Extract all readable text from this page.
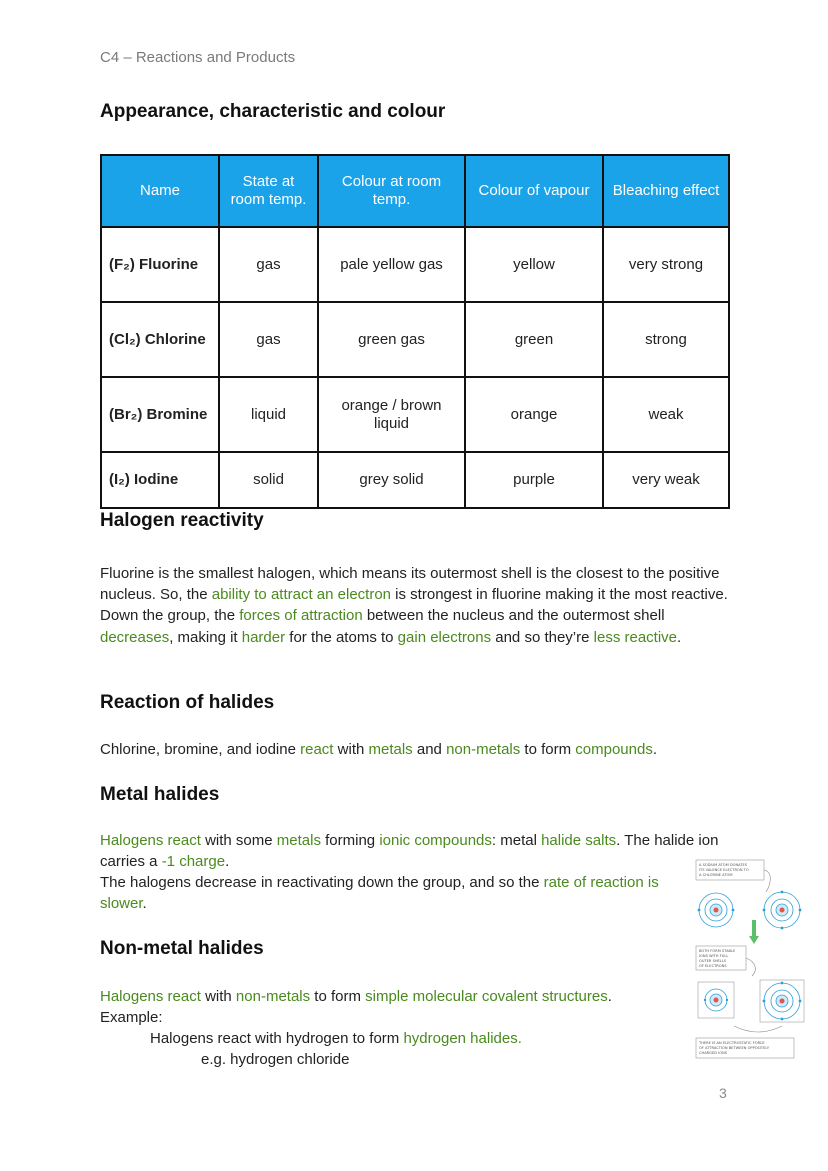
C4 – Reactions and Products
Appearance, characteristic and colour
Name	State at room temp.	Colour at room temp.	Colour of vapour	Bleaching effect
(F₂) Fluorine	gas	pale yellow gas	yellow	very strong
(Cl₂) Chlorine	gas	green gas	green	strong
(Br₂) Bromine	liquid	orange / brown liquid	orange	weak
(I₂) Iodine	solid	grey solid	purple	very weak
Halogen reactivity
Fluorine is the smallest halogen, which means its outermost shell is the closest to the positive nucleus. So, the ability to attract an electron is strongest in fluorine making it the most reactive. Down the group, the forces of attraction between the nucleus and the outermost shell decreases, making it harder for the atoms to gain electrons and so they’re less reactive.
Reaction of halides
Chlorine, bromine, and iodine react with metals and non-metals to form compounds.
Metal halides
Halogens react with some metals forming ionic compounds: metal halide salts. The halide ion carries a -1 charge.
The halogens decrease in reactivating down the group, and so the rate of reaction is slower.
Non-metal halides
Halogens react with non-metals to form simple molecular covalent structures.
Example:
Halogens react with hydrogen to form hydrogen halides.
e.g. hydrogen chloride
A SODIUM ATOM DONATES
ITS VALENCE ELECTRON TO
A CHLORINE ATOM
BOTH FORM STABLE
IONS WITH FULL
OUTER SHELLS
OF ELECTRONS
THERE IS AN ELECTROSTATIC FORCE
OF ATTRACTION BETWEEN OPPOSITELY
CHARGED IONS
3
